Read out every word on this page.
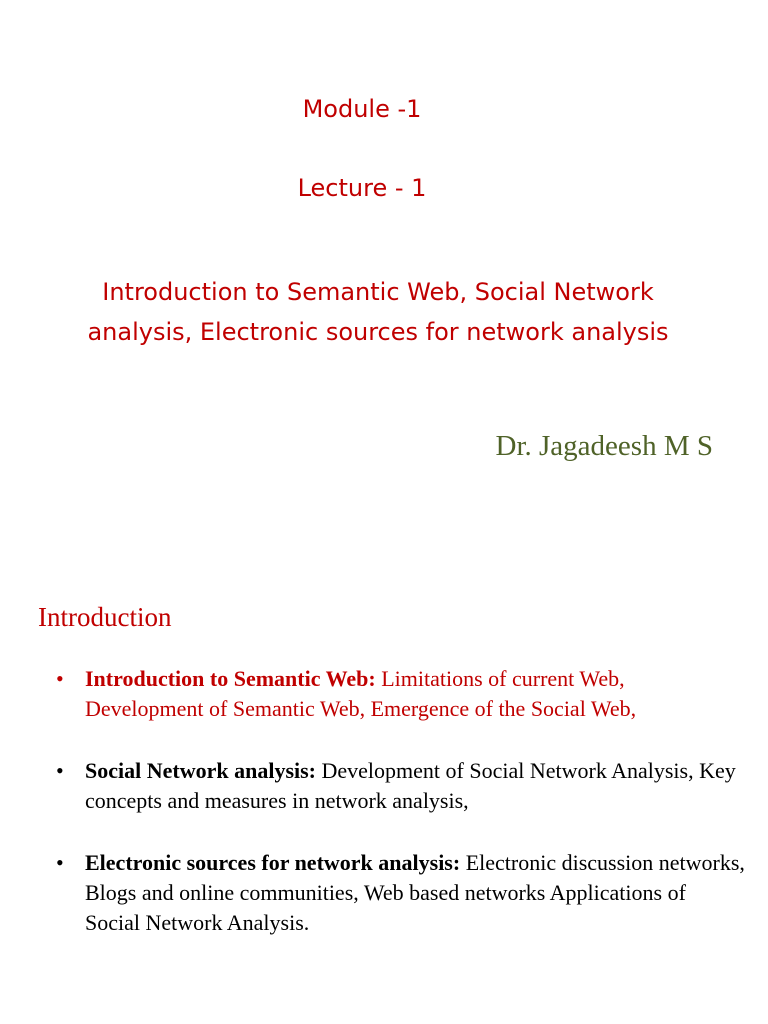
Module -1
Lecture - 1
Introduction to Semantic Web, Social Network
analysis, Electronic sources for network analysis

Dr. Jagadeesh M S

Introduction
• Introduction to Semantic Web: Limitations of current Web, Development of Semantic Web, Emergence of the Social Web,
• Social Network analysis: Development of Social Network Analysis, Key concepts and measures in network analysis,
• Electronic sources for network analysis: Electronic discussion networks, Blogs and online communities, Web based networks Applications of Social Network Analysis.
